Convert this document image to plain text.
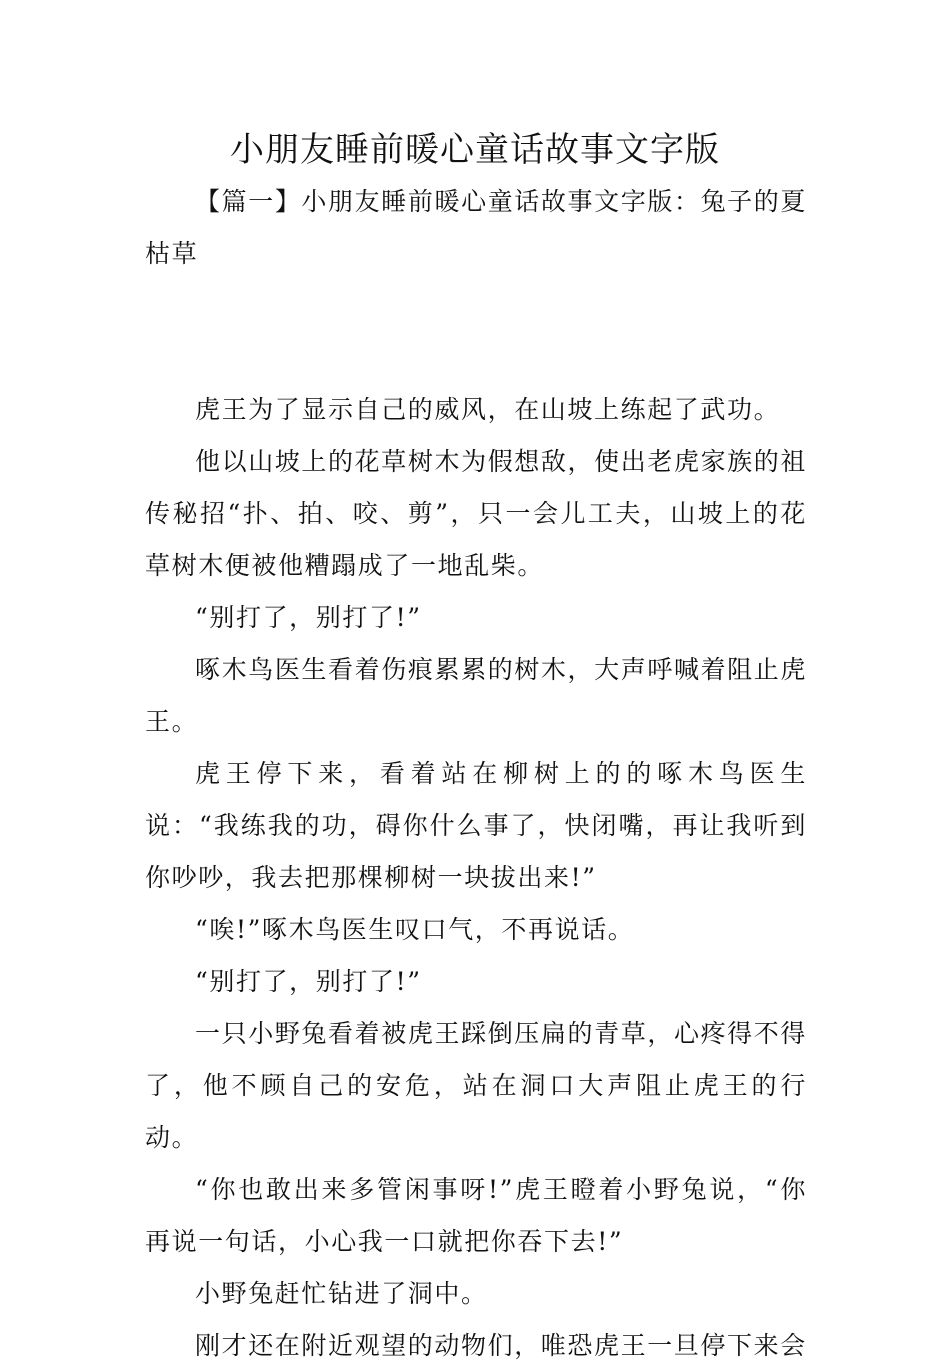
小朋友睡前暖心童话故事文字版

【篇一】小朋友睡前暖心童话故事文字版：兔子的夏枯草

虎王为了显示自己的威风，在山坡上练起了武功。

他以山坡上的花草树木为假想敌，使出老虎家族的祖传秘招“扑、拍、咬、剪”，只一会儿工夫，山坡上的花草树木便被他糟蹋成了一地乱柴。

“别打了，别打了!”

啄木鸟医生看着伤痕累累的树木，大声呼喊着阻止虎王。

虎王停下来，看着站在柳树上的的啄木鸟医生说：“我练我的功，碍你什么事了，快闭嘴，再让我听到你吵吵，我去把那棵柳树一块拔出来!”

“唉!”啄木鸟医生叹口气，不再说话。

“别打了，别打了!”

一只小野兔看着被虎王踩倒压扁的青草，心疼得不得了，他不顾自己的安危，站在洞口大声阻止虎王的行动。

“你也敢出来多管闲事呀!”虎王瞪着小野兔说，“你再说一句话，小心我一口就把你吞下去!”

小野兔赶忙钻进了洞中。

刚才还在附近观望的动物们，唯恐虎王一旦停下来会
